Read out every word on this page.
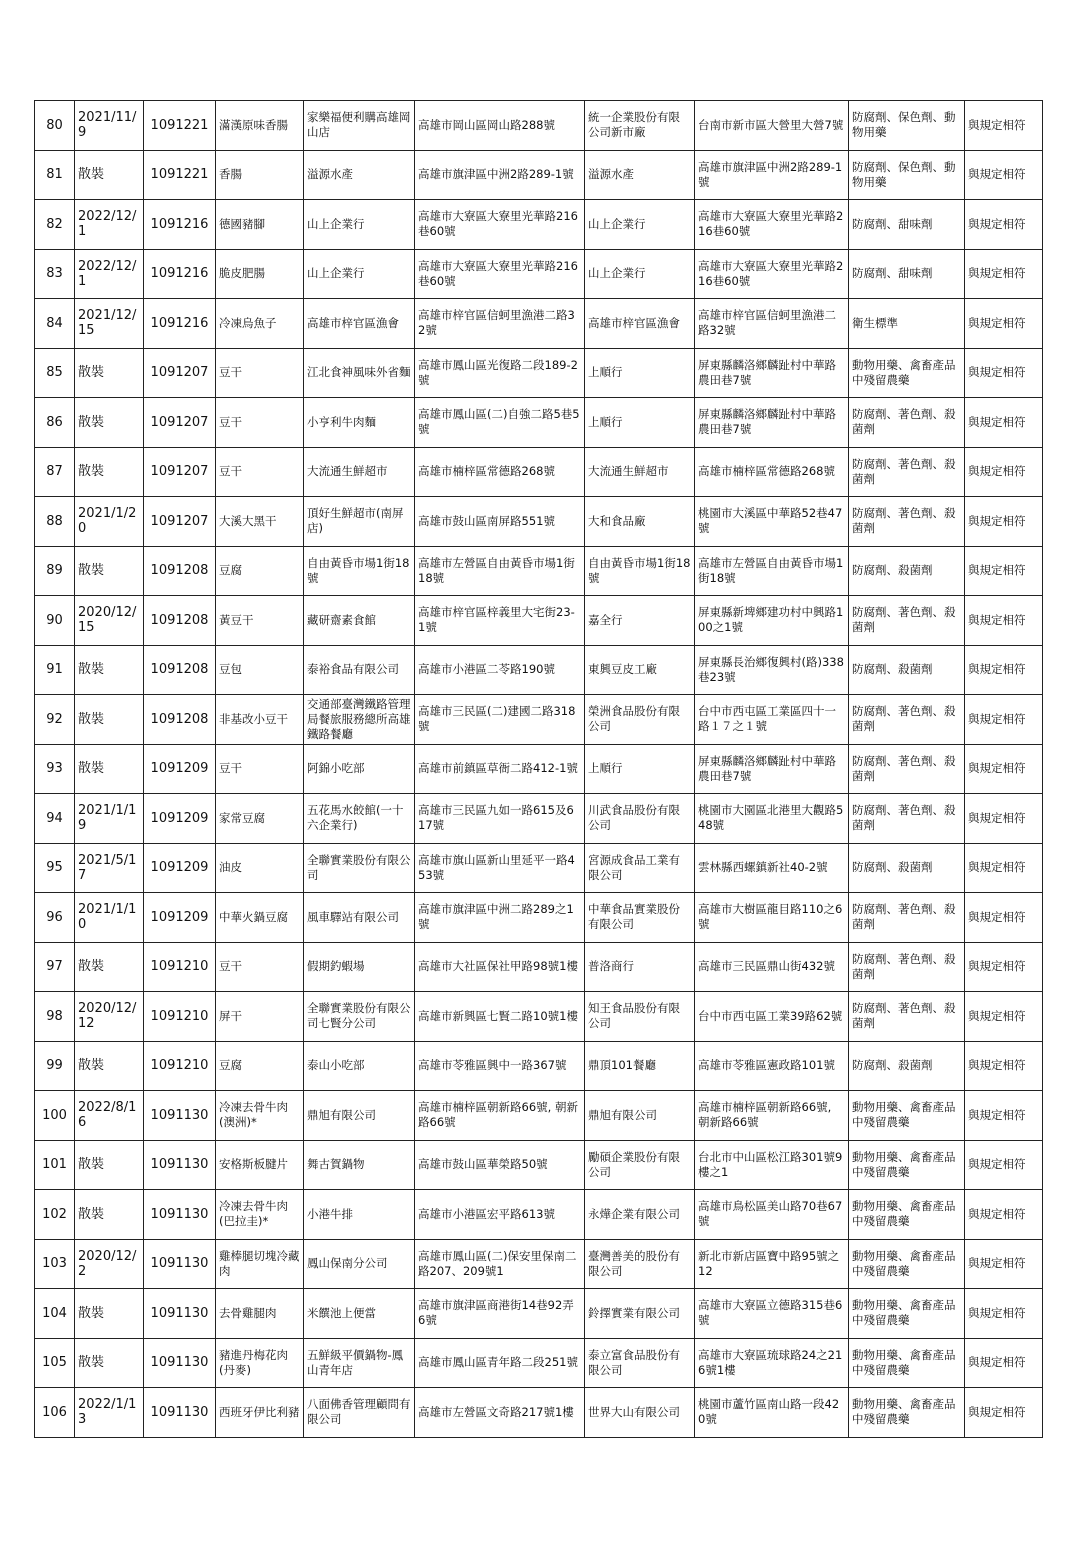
80	2021/11/9	1091221	滿漢原味香腸	家樂福便利購高雄岡山店	高雄市岡山區岡山路288號	統一企業股份有限公司新市廠	台南市新市區大營里大營7號	防腐劑、保色劑、動物用藥	與規定相符
81	散裝	1091221	香腸	溢源水產	高雄市旗津區中洲2路289-1號	溢源水產	高雄市旗津區中洲2路289-1號	防腐劑、保色劑、動物用藥	與規定相符
82	2022/12/1	1091216	德國豬腳	山上企業行	高雄市大寮區大寮里光華路216巷60號	山上企業行	高雄市大寮區大寮里光華路216巷60號	防腐劑、甜味劑	與規定相符
83	2022/12/1	1091216	脆皮肥腸	山上企業行	高雄市大寮區大寮里光華路216巷60號	山上企業行	高雄市大寮區大寮里光華路216巷60號	防腐劑、甜味劑	與規定相符
84	2021/12/15	1091216	冷凍烏魚子	高雄市梓官區漁會	高雄市梓官區信蚵里漁港二路32號	高雄市梓官區漁會	高雄市梓官區信蚵里漁港二路32號	衛生標準	與規定相符
85	散裝	1091207	豆干	江北食神風味外省麵	高雄市鳳山區光復路二段189-2號	上順行	屏東縣麟洛鄉麟趾村中華路農田巷7號	動物用藥、禽畜產品中殘留農藥	與規定相符
86	散裝	1091207	豆干	小亨利牛肉麵	高雄市鳳山區(二)自強二路5巷5號	上順行	屏東縣麟洛鄉麟趾村中華路農田巷7號	防腐劑、著色劑、殺菌劑	與規定相符
87	散裝	1091207	豆干	大流通生鮮超市	高雄市楠梓區常德路268號	大流通生鮮超市	高雄市楠梓區常德路268號	防腐劑、著色劑、殺菌劑	與規定相符
88	2021/1/20	1091207	大溪大黑干	頂好生鮮超市(南屏店)	高雄市鼓山區南屏路551號	大和食品廠	桃園市大溪區中華路52巷47號	防腐劑、著色劑、殺菌劑	與規定相符
89	散裝	1091208	豆腐	自由黃昏市場1街18號	高雄市左營區自由黃昏市場1街18號	自由黃昏市場1街18號	高雄市左營區自由黃昏市場1街18號	防腐劑、殺菌劑	與規定相符
90	2020/12/15	1091208	黃豆干	藏研齋素食館	高雄市梓官區梓義里大宅街23-1號	嘉全行	屏東縣新埤鄉建功村中興路100之1號	防腐劑、著色劑、殺菌劑	與規定相符
91	散裝	1091208	豆包	泰裕食品有限公司	高雄市小港區二苓路190號	東興豆皮工廠	屏東縣長治鄉復興村(路)338巷23號	防腐劑、殺菌劑	與規定相符
92	散裝	1091208	非基改小豆干	交通部臺灣鐵路管理局餐旅服務總所高雄鐵路餐廳	高雄市三民區(二)建國二路318號	榮洲食品股份有限公司	台中市西屯區工業區四十一路１７之１號	防腐劑、著色劑、殺菌劑	與規定相符
93	散裝	1091209	豆干	阿錦小吃部	高雄市前鎮區草衙二路412-1號	上順行	屏東縣麟洛鄉麟趾村中華路農田巷7號	防腐劑、著色劑、殺菌劑	與規定相符
94	2021/1/19	1091209	家常豆腐	五花馬水餃館(一十六企業行)	高雄市三民區九如一路615及617號	川武食品股份有限公司	桃園市大園區北港里大觀路548號	防腐劑、著色劑、殺菌劑	與規定相符
95	2021/5/17	1091209	油皮	全聯實業股份有限公司	高雄市旗山區新山里延平一路453號	宮源成食品工業有限公司	雲林縣西螺鎮新社40-2號	防腐劑、殺菌劑	與規定相符
96	2021/1/10	1091209	中華火鍋豆腐	風車驛站有限公司	高雄市旗津區中洲二路289之1號	中華食品實業股份有限公司	高雄市大樹區龍目路110之6號	防腐劑、著色劑、殺菌劑	與規定相符
97	散裝	1091210	豆干	假期釣蝦場	高雄市大社區保社甲路98號1樓	普洛商行	高雄市三民區鼎山街432號	防腐劑、著色劑、殺菌劑	與規定相符
98	2020/12/12	1091210	屏干	全聯實業股份有限公司七賢分公司	高雄市新興區七賢二路10號1樓	知王食品股份有限公司	台中市西屯區工業39路62號	防腐劑、著色劑、殺菌劑	與規定相符
99	散裝	1091210	豆腐	泰山小吃部	高雄市苓雅區興中一路367號	鼎頂101餐廳	高雄市苓雅區憲政路101號	防腐劑、殺菌劑	與規定相符
100	2022/8/16	1091130	冷凍去骨牛肉(澳洲)*	鼎旭有限公司	高雄市楠梓區朝新路66號, 朝新路66號	鼎旭有限公司	高雄市楠梓區朝新路66號, 朝新路66號	動物用藥、禽畜產品中殘留農藥	與規定相符
101	散裝	1091130	安格斯板腱片	舞古賀鍋物	高雄市鼓山區華榮路50號	勵碩企業股份有限公司	台北市中山區松江路301號9樓之1	動物用藥、禽畜產品中殘留農藥	與規定相符
102	散裝	1091130	冷凍去骨牛肉(巴拉圭)*	小港牛排	高雄市小港區宏平路613號	永燁企業有限公司	高雄市鳥松區美山路70巷67號	動物用藥、禽畜產品中殘留農藥	與規定相符
103	2020/12/2	1091130	雞棒腿切塊冷藏肉	鳳山保南分公司	高雄市鳳山區(二)保安里保南二路207、209號1	臺灣善美的股份有限公司	新北市新店區寶中路95號之12	動物用藥、禽畜產品中殘留農藥	與規定相符
104	散裝	1091130	去骨雞腿肉	米饌池上便當	高雄市旗津區商港街14巷92弄6號	鈴擇實業有限公司	高雄市大寮區立德路315巷6號	動物用藥、禽畜產品中殘留農藥	與規定相符
105	散裝	1091130	豬進丹梅花肉(丹麥)	五鮮級平價鍋物-鳳山青年店	高雄市鳳山區青年路二段251號	泰立富食品股份有限公司	高雄市大寮區琉球路24之216號1樓	動物用藥、禽畜產品中殘留農藥	與規定相符
106	2022/1/13	1091130	西班牙伊比利豬	八面佛香管理顧問有限公司	高雄市左營區文奇路217號1樓	世界大山有限公司	桃園市蘆竹區南山路一段420號	動物用藥、禽畜產品中殘留農藥	與規定相符
